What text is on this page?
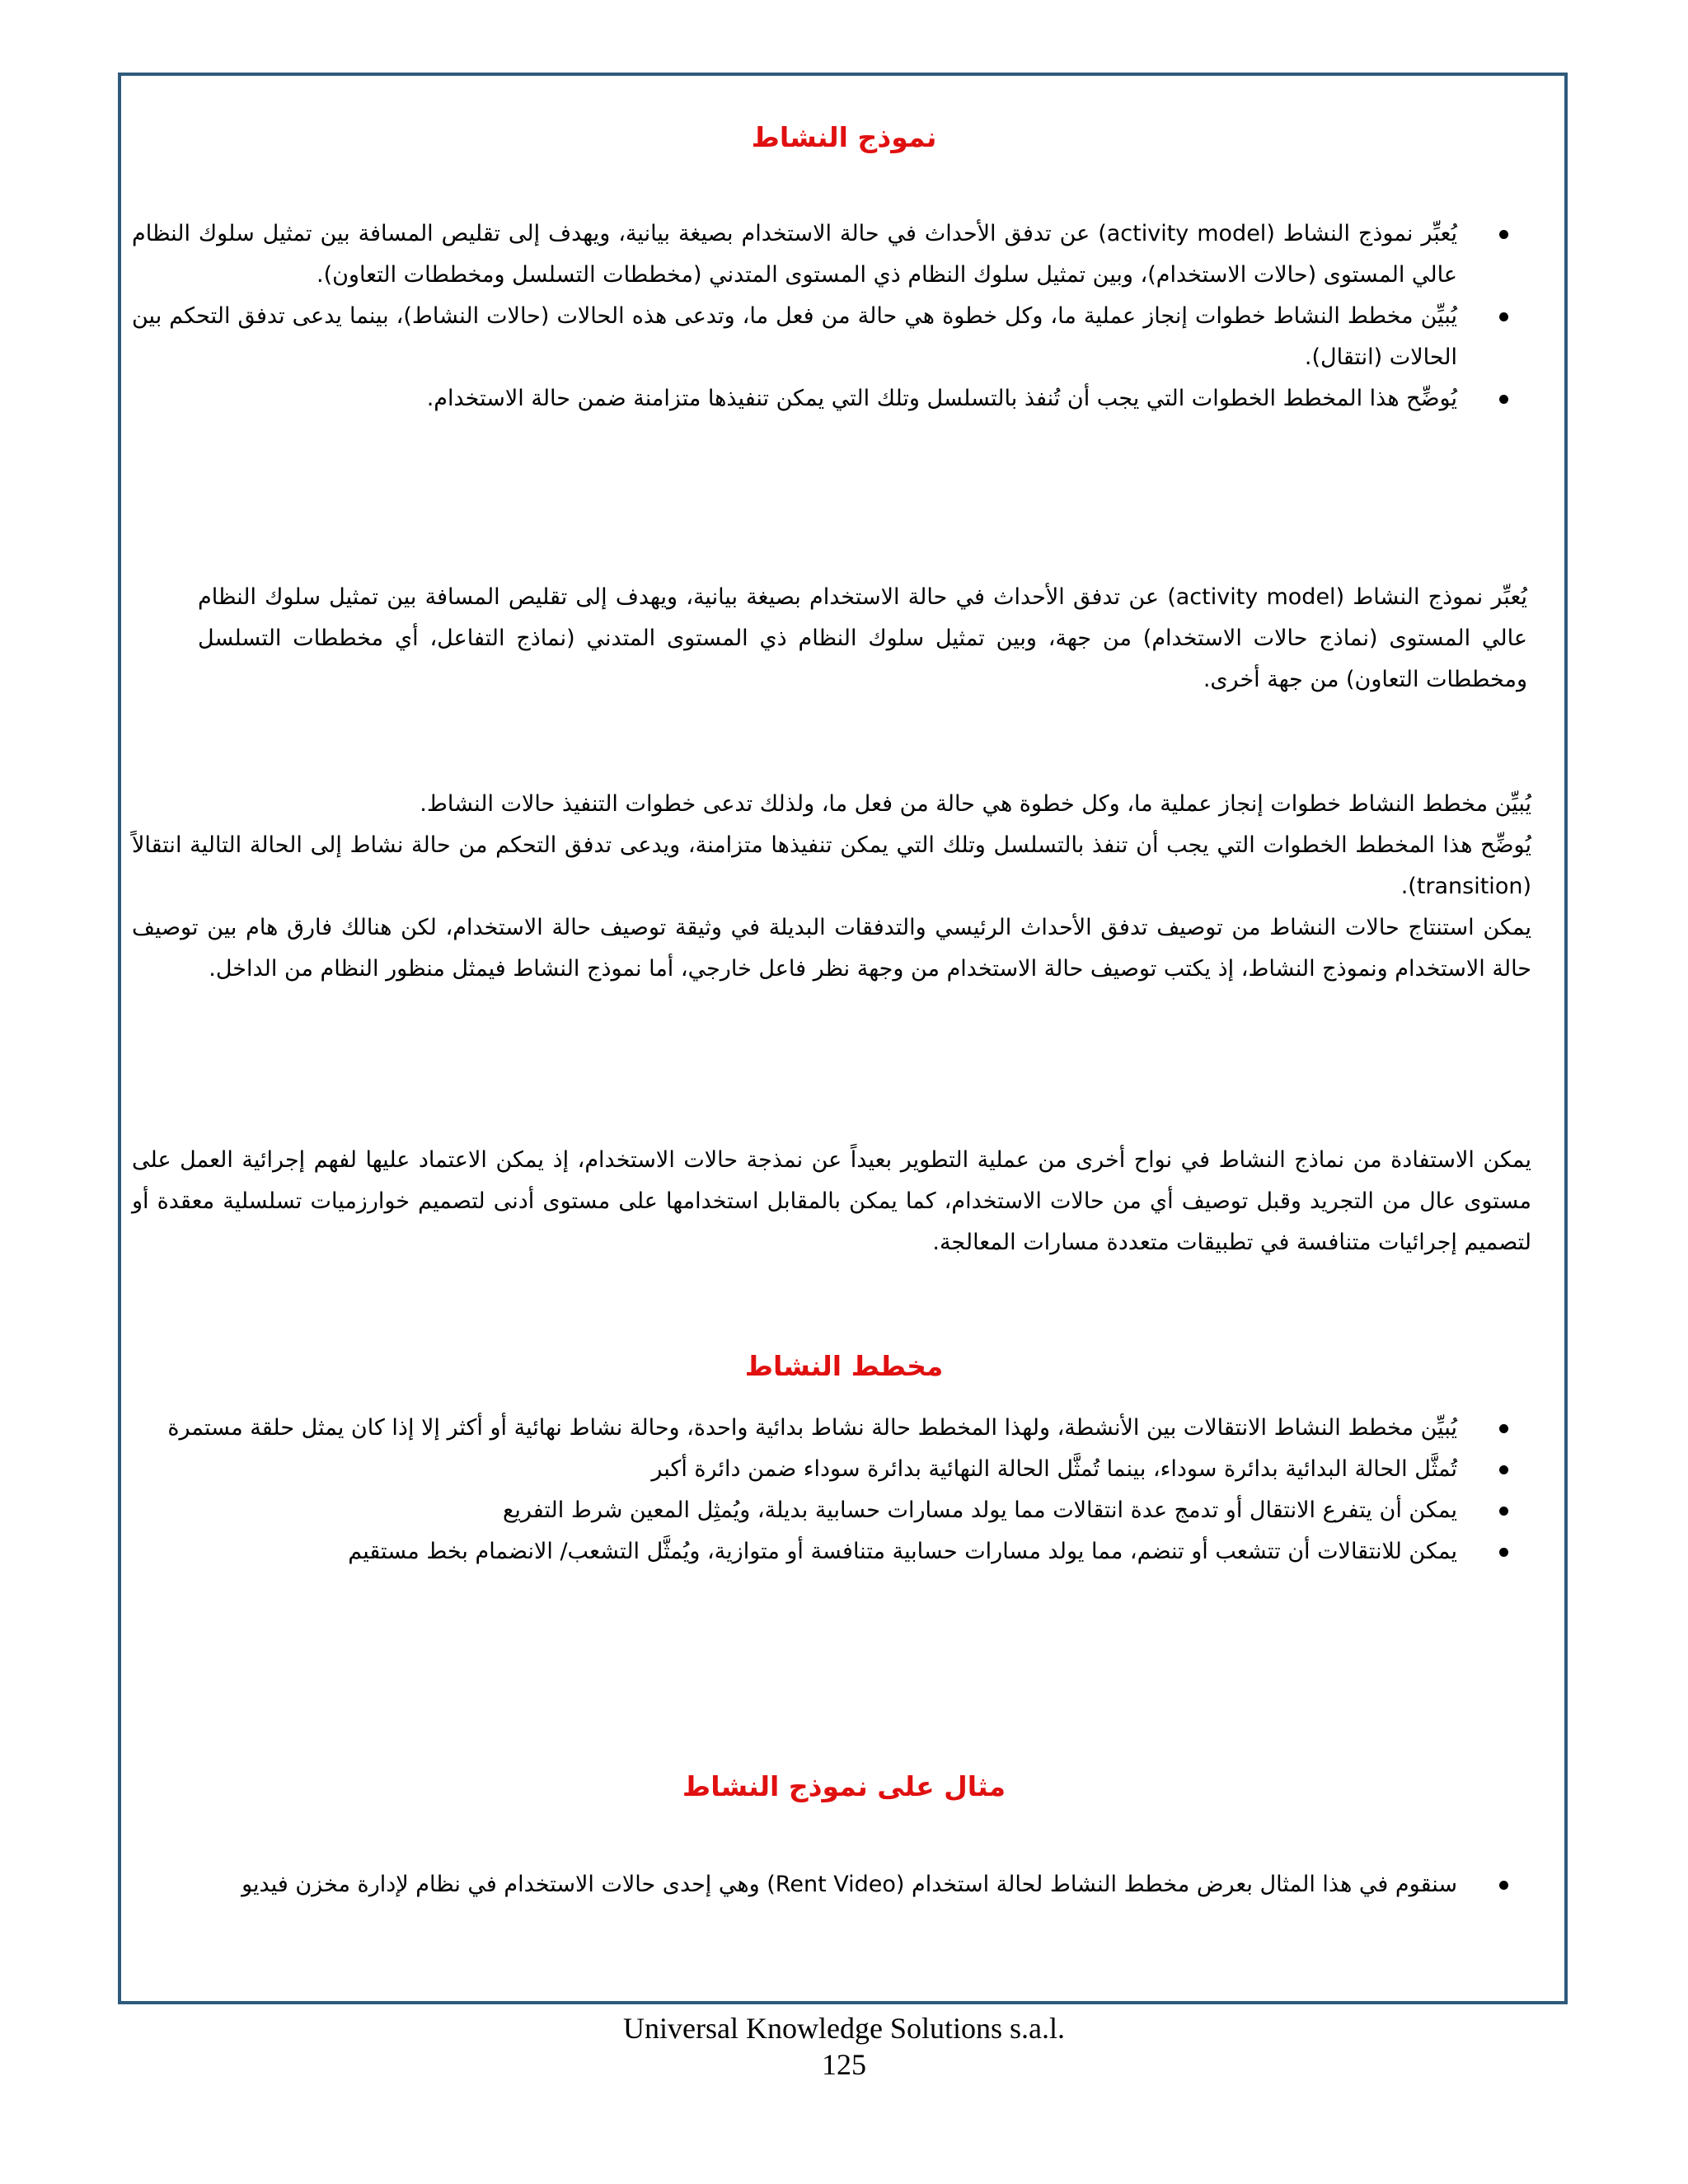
نموذج النشاط
يُعبِّر نموذج النشاط (activity model) عن تدفق الأحداث في حالة الاستخدام بصيغة بيانية، ويهدف إلى تقليص المسافة بين تمثيل سلوك النظام عالي المستوى (حالات الاستخدام)، وبين تمثيل سلوك النظام ذي المستوى المتدني (مخططات التسلسل ومخططات التعاون).
يُبيِّن مخطط النشاط خطوات إنجاز عملية ما، وكل خطوة هي حالة من فعل ما، وتدعى هذه الحالات (حالات النشاط)، بينما يدعى تدفق التحكم بين الحالات (انتقال).
يُوضِّح هذا المخطط الخطوات التي يجب أن تُنفذ بالتسلسل وتلك التي يمكن تنفيذها متزامنة ضمن حالة الاستخدام.

يُعبِّر نموذج النشاط (activity model) عن تدفق الأحداث في حالة الاستخدام بصيغة بيانية، ويهدف إلى تقليص المسافة بين تمثيل سلوك النظام عالي المستوى (نماذج حالات الاستخدام) من جهة، وبين تمثيل سلوك النظام ذي المستوى المتدني (نماذج التفاعل، أي مخططات التسلسل ومخططات التعاون) من جهة أخرى.

يُبيِّن مخطط النشاط خطوات إنجاز عملية ما، وكل خطوة هي حالة من فعل ما، ولذلك تدعى خطوات التنفيذ حالات النشاط.

يُوضِّح هذا المخطط الخطوات التي يجب أن تنفذ بالتسلسل وتلك التي يمكن تنفيذها متزامنة، ويدعى تدفق التحكم من حالة نشاط إلى الحالة التالية انتقالاً (transition).

يمكن استنتاج حالات النشاط من توصيف تدفق الأحداث الرئيسي والتدفقات البديلة في وثيقة توصيف حالة الاستخدام، لكن هنالك فارق هام بين توصيف حالة الاستخدام ونموذج النشاط، إذ يكتب توصيف حالة الاستخدام من وجهة نظر فاعل خارجي، أما نموذج النشاط فيمثل منظور النظام من الداخل.

يمكن الاستفادة من نماذج النشاط في نواح أخرى من عملية التطوير بعيداً عن نمذجة حالات الاستخدام، إذ يمكن الاعتماد عليها لفهم إجرائية العمل على مستوى عال من التجريد وقبل توصيف أي من حالات الاستخدام، كما يمكن بالمقابل استخدامها على مستوى أدنى لتصميم خوارزميات تسلسلية معقدة أو لتصميم إجرائيات متنافسة في تطبيقات متعددة مسارات المعالجة.

مخطط النشاط
يُبيِّن مخطط النشاط الانتقالات بين الأنشطة، ولهذا المخطط حالة نشاط بدائية واحدة، وحالة نشاط نهائية أو أكثر إلا إذا كان يمثل حلقة مستمرة
تُمثَّل الحالة البدائية بدائرة سوداء، بينما تُمثَّل الحالة النهائية بدائرة سوداء ضمن دائرة أكبر
يمكن أن يتفرع الانتقال أو تدمج عدة انتقالات مما يولد مسارات حسابية بديلة، ويُمثِل المعين شرط التفريع
يمكن للانتقالات أن تتشعب أو تنضم، مما يولد مسارات حسابية متنافسة أو متوازية، ويُمثَّل التشعب/ الانضمام بخط مستقيم
مثال على نموذج النشاط
سنقوم في هذا المثال بعرض مخطط النشاط لحالة استخدام (Rent Video) وهي إحدى حالات الاستخدام في نظام لإدارة مخزن فيديو
Universal Knowledge Solutions s.a.l.
125
